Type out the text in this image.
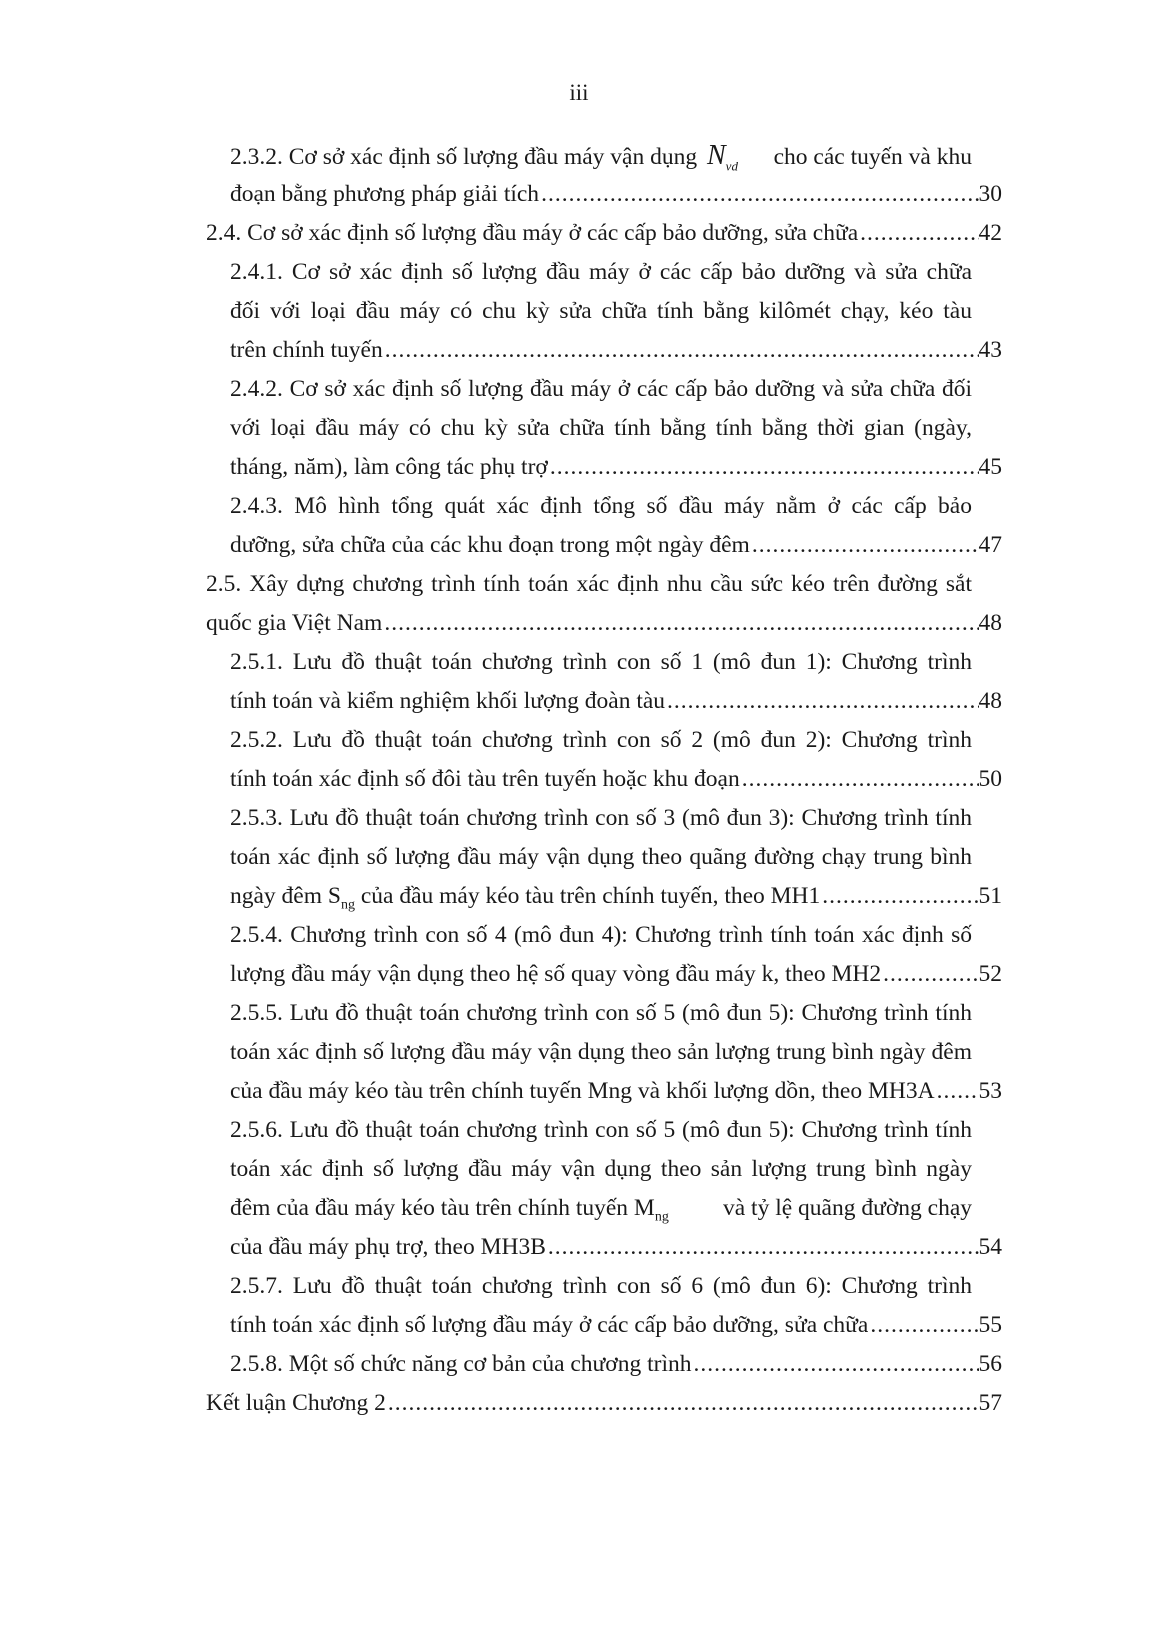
iii
2.3.2. Cơ sở xác định số lượng đầu máy vận dụng $N_{vd}$ cho các tuyến và khu
đoạn bằng phương pháp giải tích .....	30
2.4. Cơ sở xác định số lượng đầu máy ở các cấp bảo dưỡng, sửa chữa .....	42
2.4.1. Cơ sở xác định số lượng đầu máy ở các cấp bảo dưỡng và sửa chữa
đối với loại đầu máy có chu kỳ sửa chữa tính bằng kilômét chạy, kéo tàu
trên chính tuyến .....	43
2.4.2. Cơ sở xác định số lượng đầu máy ở các cấp bảo dưỡng và sửa chữa đối
với loại đầu máy có chu kỳ sửa chữa tính bằng tính bằng thời gian (ngày,
tháng, năm), làm công tác phụ trợ .....	45
2.4.3. Mô hình tổng quát xác định tổng số đầu máy nằm ở các cấp bảo
dưỡng, sửa chữa của các khu đoạn trong một ngày đêm .....	47
2.5. Xây dựng chương trình tính toán xác định nhu cầu sức kéo trên đường sắt
quốc gia Việt Nam .....	48
2.5.1. Lưu đồ thuật toán chương trình con số 1 (mô đun 1): Chương trình
tính toán và kiểm nghiệm khối lượng đoàn tàu .....	48
2.5.2. Lưu đồ thuật toán chương trình con số 2 (mô đun 2): Chương trình
tính toán xác định số đôi tàu trên tuyến hoặc khu đoạn .....	50
2.5.3. Lưu đồ thuật toán chương trình con số 3 (mô đun 3): Chương trình tính
toán xác định số lượng đầu máy vận dụng theo quãng đường chạy trung bình
ngày đêm $S_{ng}$ của đầu máy kéo tàu trên chính tuyến, theo MH1 .....	51
2.5.4. Chương trình con số 4 (mô đun 4): Chương trình tính toán xác định số
lượng đầu máy vận dụng theo hệ số quay vòng đầu máy k, theo MH2 .....	52
2.5.5. Lưu đồ thuật toán chương trình con số 5 (mô đun 5): Chương trình tính
toán xác định số lượng đầu máy vận dụng theo sản lượng trung bình ngày đêm
của đầu máy kéo tàu trên chính tuyến Mng và khối lượng dồn, theo MH3A ..... 53
2.5.6. Lưu đồ thuật toán chương trình con số 5 (mô đun 5): Chương trình tính
toán xác định số lượng đầu máy vận dụng theo sản lượng trung bình ngày
đêm của đầu máy kéo tàu trên chính tuyến $M_{ng}$ và tỷ lệ quãng đường chạy
của đầu máy phụ trợ, theo MH3B .....	54
2.5.7. Lưu đồ thuật toán chương trình con số 6 (mô đun 6): Chương trình
tính toán xác định số lượng đầu máy ở các cấp bảo dưỡng, sửa chữa .....	55
2.5.8. Một số chức năng cơ bản của chương trình .....	56
Kết luận Chương 2 .....	57
